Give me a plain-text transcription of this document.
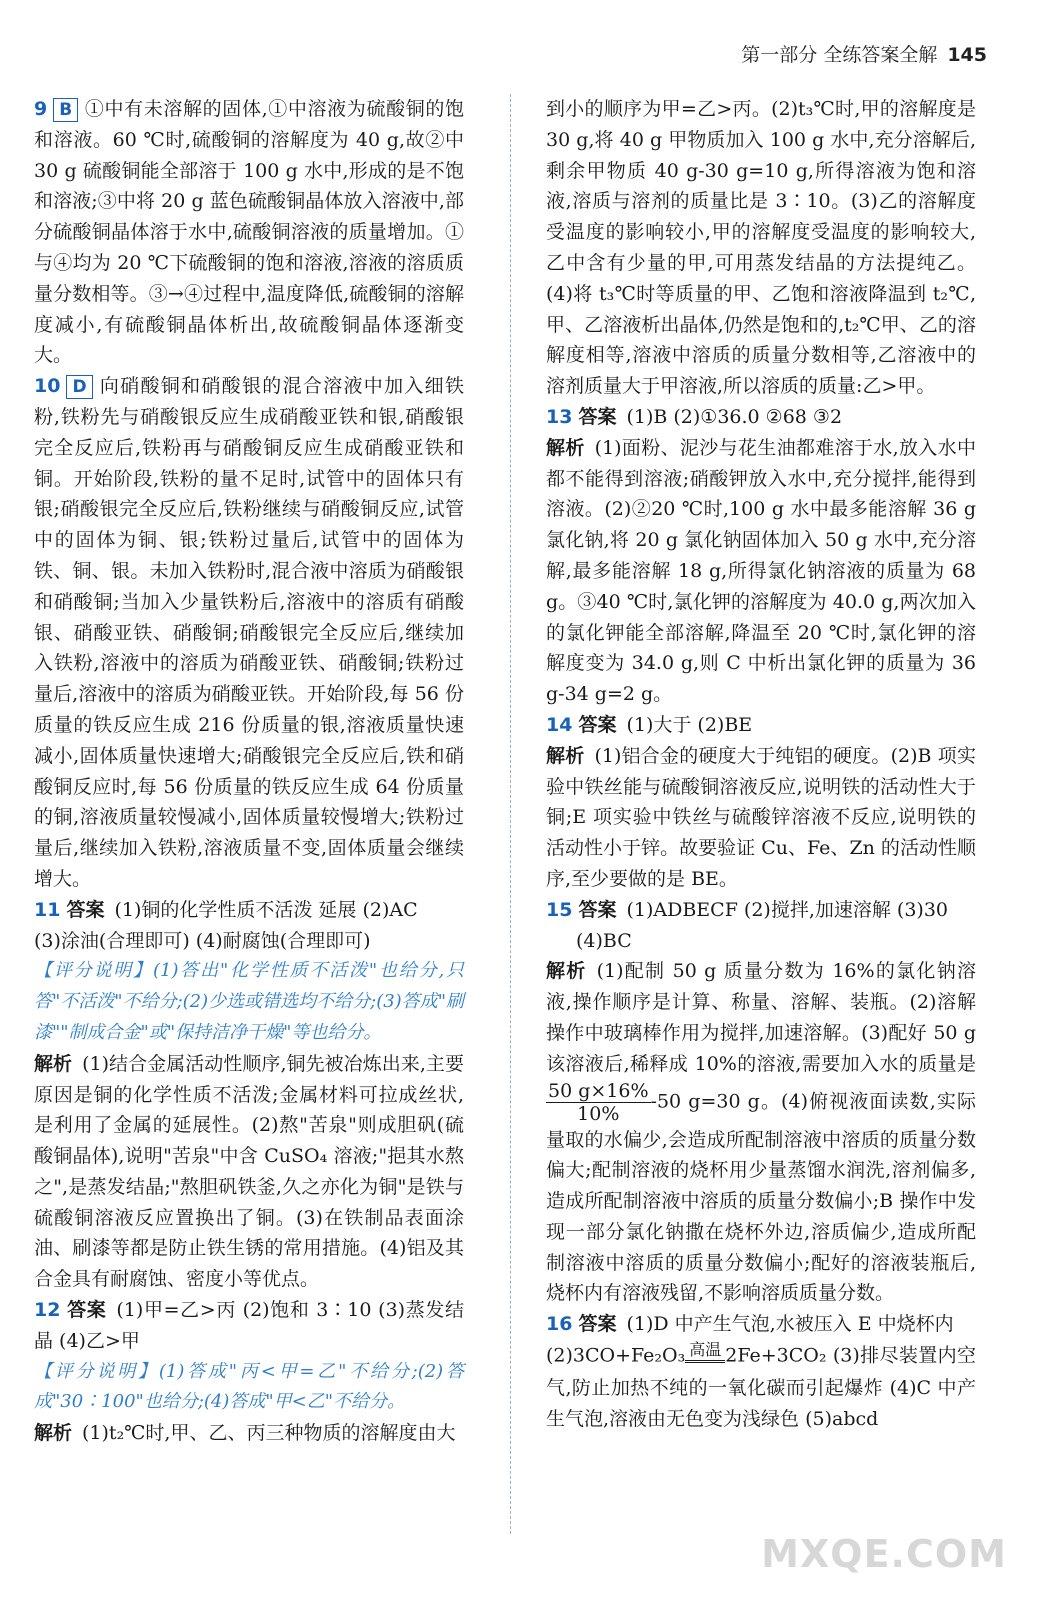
第一部分 全练答案全解 145

9 B ①中有未溶解的固体,①中溶液为硫酸铜的饱和溶液。60 ℃时,硫酸铜的溶解度为 40 g,故②中 30 g 硫酸铜能全部溶于 100 g 水中,形成的是不饱和溶液;③中将 20 g 蓝色硫酸铜晶体放入溶液中,部分硫酸铜晶体溶于水中,硫酸铜溶液的质量增加。①与④均为 20 ℃下硫酸铜的饱和溶液,溶液的溶质质量分数相等。③→④过程中,温度降低,硫酸铜的溶解度减小,有硫酸铜晶体析出,故硫酸铜晶体逐渐变大。

10 D 向硝酸铜和硝酸银的混合溶液中加入细铁粉,铁粉先与硝酸银反应生成硝酸亚铁和银,硝酸银完全反应后,铁粉再与硝酸铜反应生成硝酸亚铁和铜。开始阶段,铁粉的量不足时,试管中的固体只有银;硝酸银完全反应后,铁粉继续与硝酸铜反应,试管中的固体为铜、银;铁粉过量后,试管中的固体为铁、铜、银。未加入铁粉时,混合液中溶质为硝酸银和硝酸铜;当加入少量铁粉后,溶液中的溶质有硝酸银、硝酸亚铁、硝酸铜;硝酸银完全反应后,继续加入铁粉,溶液中的溶质为硝酸亚铁、硝酸铜;铁粉过量后,溶液中的溶质为硝酸亚铁。开始阶段,每 56 份质量的铁反应生成 216 份质量的银,溶液质量快速减小,固体质量快速增大;硝酸银完全反应后,铁和硝酸铜反应时,每 56 份质量的铁反应生成 64 份质量的铜,溶液质量较慢减小,固体质量较慢增大;铁粉过量后,继续加入铁粉,溶液质量不变,固体质量会继续增大。

11 答案 (1)铜的化学性质不活泼 延展 (2)AC
(3)涂油(合理即可) (4)耐腐蚀(合理即可)
【评分说明】(1)答出"化学性质不活泼"也给分,只答"不活泼"不给分;(2)少选或错选均不给分;(3)答成"刷漆""制成合金"或"保持洁净干燥"等也给分。
解析 (1)结合金属活动性顺序,铜先被冶炼出来,主要原因是铜的化学性质不活泼;金属材料可拉成丝状,是利用了金属的延展性。(2)熬"苦泉"则成胆矾(硫酸铜晶体),说明"苦泉"中含 CuSO₄ 溶液;"挹其水熬之",是蒸发结晶;"熬胆矾铁釜,久之亦化为铜"是铁与硫酸铜溶液反应置换出了铜。(3)在铁制品表面涂油、刷漆等都是防止铁生锈的常用措施。(4)铝及其合金具有耐腐蚀、密度小等优点。
12 答案 (1)甲=乙>丙 (2)饱和 3∶10 (3)蒸发结晶 (4)乙>甲
【评分说明】(1)答成"丙<甲=乙"不给分;(2)答成"30∶100"也给分;(4)答成"甲<乙"不给分。
解析 (1)t₂℃时,甲、乙、丙三种物质的溶解度由大

到小的顺序为甲=乙>丙。(2)t₃℃时,甲的溶解度是 30 g,将 40 g 甲物质加入 100 g 水中,充分溶解后,剩余甲物质 40 g-30 g=10 g,所得溶液为饱和溶液,溶质与溶剂的质量比是 3∶10。(3)乙的溶解度受温度的影响较小,甲的溶解度受温度的影响较大,乙中含有少量的甲,可用蒸发结晶的方法提纯乙。(4)将 t₃℃时等质量的甲、乙饱和溶液降温到 t₂℃,甲、乙溶液析出晶体,仍然是饱和的,t₂℃甲、乙的溶解度相等,溶液中溶质的质量分数相等,乙溶液中的溶剂质量大于甲溶液,所以溶质的质量:乙>甲。

13 答案 (1)B (2)①36.0 ②68 ③2
解析 (1)面粉、泥沙与花生油都难溶于水,放入水中都不能得到溶液;硝酸钾放入水中,充分搅拌,能得到溶液。(2)②20 ℃时,100 g 水中最多能溶解 36 g 氯化钠,将 20 g 氯化钠固体加入 50 g 水中,充分溶解,最多能溶解 18 g,所得氯化钠溶液的质量为 68 g。③40 ℃时,氯化钾的溶解度为 40.0 g,两次加入的氯化钾能全部溶解,降温至 20 ℃时,氯化钾的溶解度变为 34.0 g,则 C 中析出氯化钾的质量为 36 g-34 g=2 g。
14 答案 (1)大于 (2)BE
解析 (1)铝合金的硬度大于纯铝的硬度。(2)B 项实验中铁丝能与硫酸铜溶液反应,说明铁的活动性大于铜;E 项实验中铁丝与硫酸锌溶液不反应,说明铁的活动性小于锌。故要验证 Cu、Fe、Zn 的活动性顺序,至少要做的是 BE。
15 答案 (1)ADBECF (2)搅拌,加速溶解 (3)30
(4)BC
解析 (1)配制 50 g 质量分数为 16%的氯化钠溶液,操作顺序是计算、称量、溶解、装瓶。(2)溶解操作中玻璃棒作用为搅拌,加速溶解。(3)配好 50 g 该溶液后,稀释成 10%的溶液,需要加入水的质量是
$\frac{50 g\times 16\%}{10\%} -50$ g=30 g。(4)俯视液面读数,实际量取的水偏少,会造成所配制溶液中溶质的质量分数偏大;配制溶液的烧杯用少量蒸馏水润洗,溶剂偏多,造成所配制溶液中溶质的质量分数偏小;B 操作中发现一部分氯化钠撒在烧杯外边,溶质偏少,造成所配制溶液中溶质的质量分数偏小;配好的溶液装瓶后,烧杯内有溶液残留,不影响溶质质量分数。
16 答案 (1)D 中产生气泡,水被压入 E 中烧杯内
(2)3CO+Fe₂O₃ 高温 2Fe+3CO₂ (3)排尽装置内空气,防止加热不纯的一氧化碳而引起爆炸 (4)C 中产生气泡,溶液由无色变为浅绿色 (5)abcd
MXQE.COM
